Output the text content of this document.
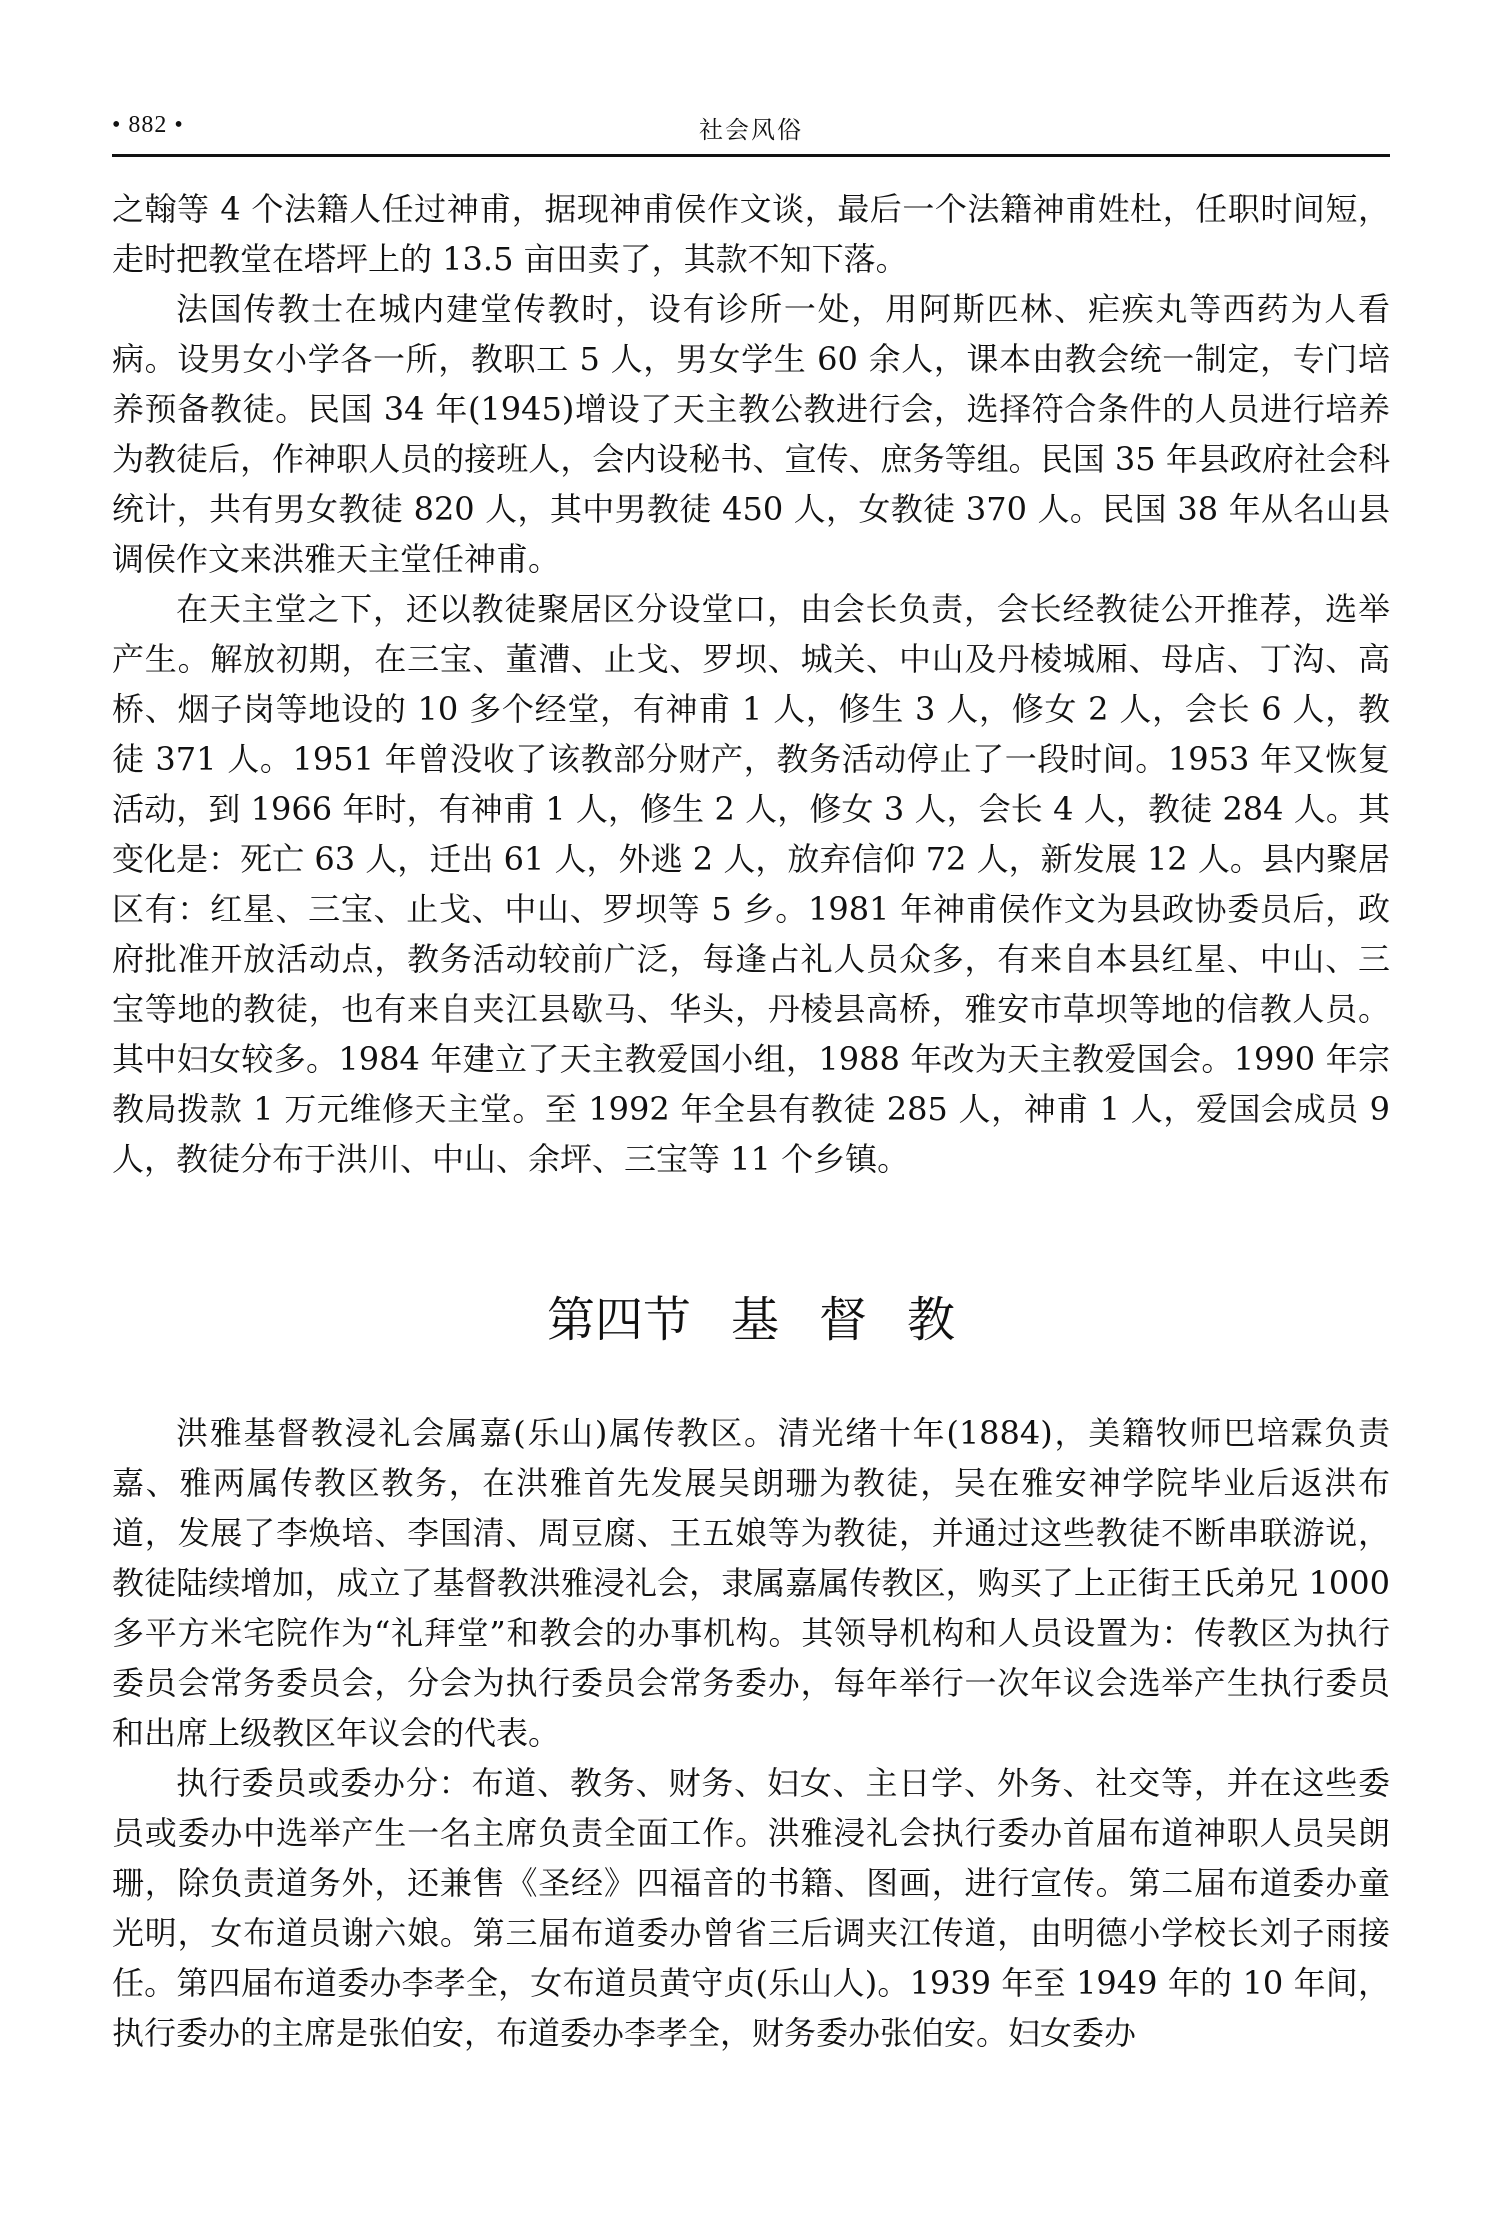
• 882 •	社会风俗

之翰等 4 个法籍人任过神甫，据现神甫侯作文谈，最后一个法籍神甫姓杜，任职时间短，走时把教堂在塔坪上的 13.5 亩田卖了，其款不知下落。

法国传教士在城内建堂传教时，设有诊所一处，用阿斯匹林、疟疾丸等西药为人看病。设男女小学各一所，教职工 5 人，男女学生 60 余人，课本由教会统一制定，专门培养预备教徒。民国 34 年(1945)增设了天主教公教进行会，选择符合条件的人员进行培养为教徒后，作神职人员的接班人，会内设秘书、宣传、庶务等组。民国 35 年县政府社会科统计，共有男女教徒 820 人，其中男教徒 450 人，女教徒 370 人。民国 38 年从名山县调侯作文来洪雅天主堂任神甫。

在天主堂之下，还以教徒聚居区分设堂口，由会长负责，会长经教徒公开推荐，选举产生。解放初期，在三宝、董漕、止戈、罗坝、城关、中山及丹棱城厢、母店、丁沟、高桥、烟子岗等地设的 10 多个经堂，有神甫 1 人，修生 3 人，修女 2 人，会长 6 人，教徒 371 人。1951 年曾没收了该教部分财产，教务活动停止了一段时间。1953 年又恢复活动，到 1966 年时，有神甫 1 人，修生 2 人，修女 3 人，会长 4 人，教徒 284 人。其变化是：死亡 63 人，迁出 61 人，外逃 2 人，放弃信仰 72 人，新发展 12 人。县内聚居区有：红星、三宝、止戈、中山、罗坝等 5 乡。1981 年神甫侯作文为县政协委员后，政府批准开放活动点，教务活动较前广泛，每逢占礼人员众多，有来自本县红星、中山、三宝等地的教徒，也有来自夹江县歇马、华头，丹棱县高桥，雅安市草坝等地的信教人员。其中妇女较多。1984 年建立了天主教爱国小组，1988 年改为天主教爱国会。1990 年宗教局拨款 1 万元维修天主堂。至 1992 年全县有教徒 285 人，神甫 1 人，爱国会成员 9 人，教徒分布于洪川、中山、余坪、三宝等 11 个乡镇。

第四节 基 督 教

洪雅基督教浸礼会属嘉(乐山)属传教区。清光绪十年(1884)，美籍牧师巴培霖负责嘉、雅两属传教区教务，在洪雅首先发展吴朗珊为教徒，吴在雅安神学院毕业后返洪布道，发展了李焕培、李国清、周豆腐、王五娘等为教徒，并通过这些教徒不断串联游说，教徒陆续增加，成立了基督教洪雅浸礼会，隶属嘉属传教区，购买了上正街王氏弟兄 1000 多平方米宅院作为“礼拜堂”和教会的办事机构。其领导机构和人员设置为：传教区为执行委员会常务委员会，分会为执行委员会常务委办，每年举行一次年议会选举产生执行委员和出席上级教区年议会的代表。

执行委员或委办分：布道、教务、财务、妇女、主日学、外务、社交等，并在这些委员或委办中选举产生一名主席负责全面工作。洪雅浸礼会执行委办首届布道神职人员吴朗珊，除负责道务外，还兼售《圣经》四福音的书籍、图画，进行宣传。第二届布道委办童光明，女布道员谢六娘。第三届布道委办曾省三后调夹江传道，由明德小学校长刘子雨接任。第四届布道委办李孝全，女布道员黄守贞(乐山人)。1939 年至 1949 年的 10 年间，执行委办的主席是张伯安，布道委办李孝全，财务委办张伯安。妇女委办
